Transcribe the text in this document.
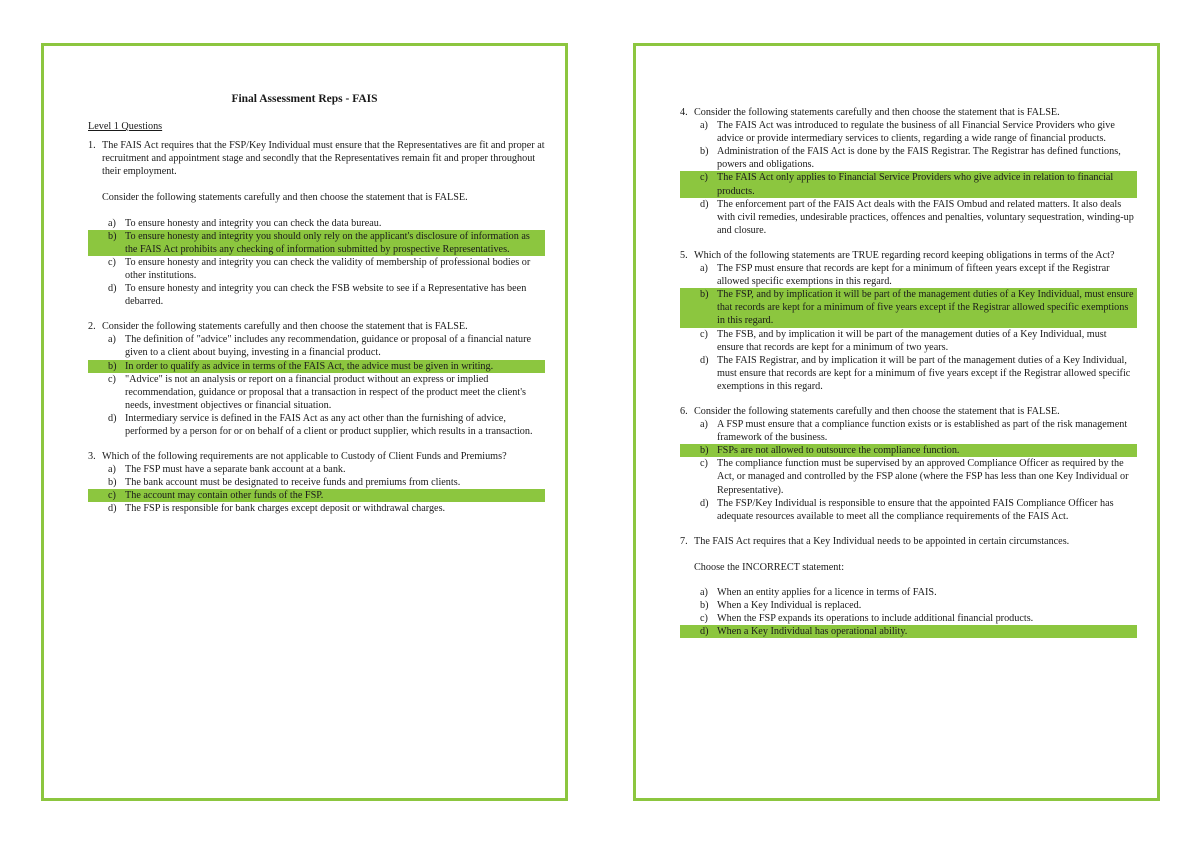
Final Assessment Reps - FAIS
Level 1 Questions
1. The FAIS Act requires that the FSP/Key Individual must ensure that the Representatives are fit and proper at recruitment and appointment stage and secondly that the Representatives remain fit and proper throughout their employment.
Consider the following statements carefully and then choose the statement that is FALSE.
a) To ensure honesty and integrity you can check the data bureau.
b) To ensure honesty and integrity you should only rely on the applicant's disclosure of information as the FAIS Act prohibits any checking of information submitted by prospective Representatives.
c) To ensure honesty and integrity you can check the validity of membership of professional bodies or other institutions.
d) To ensure honesty and integrity you can check the FSB website to see if a Representative has been debarred.
2. Consider the following statements carefully and then choose the statement that is FALSE.
a) The definition of "advice" includes any recommendation, guidance or proposal of a financial nature given to a client about buying, investing in a financial product.
b) In order to qualify as advice in terms of the FAIS Act, the advice must be given in writing.
c) "Advice" is not an analysis or report on a financial product without an express or implied recommendation, guidance or proposal that a transaction in respect of the product meet the client's needs, investment objectives or financial situation.
d) Intermediary service is defined in the FAIS Act as any act other than the furnishing of advice, performed by a person for or on behalf of a client or product supplier, which results in a transaction.
3. Which of the following requirements are not applicable to Custody of Client Funds and Premiums?
a) The FSP must have a separate bank account at a bank.
b) The bank account must be designated to receive funds and premiums from clients.
c) The account may contain other funds of the FSP.
d) The FSP is responsible for bank charges except deposit or withdrawal charges.
4. Consider the following statements carefully and then choose the statement that is FALSE.
a) The FAIS Act was introduced to regulate the business of all Financial Service Providers who give advice or provide intermediary services to clients, regarding a wide range of financial products.
b) Administration of the FAIS Act is done by the FAIS Registrar. The Registrar has defined functions, powers and obligations.
c) The FAIS Act only applies to Financial Service Providers who give advice in relation to financial products.
d) The enforcement part of the FAIS Act deals with the FAIS Ombud and related matters. It also deals with civil remedies, undesirable practices, offences and penalties, voluntary sequestration, winding-up and closure.
5. Which of the following statements are TRUE regarding record keeping obligations in terms of the Act?
a) The FSP must ensure that records are kept for a minimum of fifteen years except if the Registrar allowed specific exemptions in this regard.
b) The FSP, and by implication it will be part of the management duties of a Key Individual, must ensure that records are kept for a minimum of five years except if the Registrar allowed specific exemptions in this regard.
c) The FSB, and by implication it will be part of the management duties of a Key Individual, must ensure that records are kept for a minimum of two years.
d) The FAIS Registrar, and by implication it will be part of the management duties of a Key Individual, must ensure that records are kept for a minimum of five years except if the Registrar allowed specific exemptions in this regard.
6. Consider the following statements carefully and then choose the statement that is FALSE.
a) A FSP must ensure that a compliance function exists or is established as part of the risk management framework of the business.
b) FSPs are not allowed to outsource the compliance function.
c) The compliance function must be supervised by an approved Compliance Officer as required by the Act, or managed and controlled by the FSP alone (where the FSP has less than one Key Individual or Representative).
d) The FSP/Key Individual is responsible to ensure that the appointed FAIS Compliance Officer has adequate resources available to meet all the compliance requirements of the FAIS Act.
7. The FAIS Act requires that a Key Individual needs to be appointed in certain circumstances.
Choose the INCORRECT statement:
a) When an entity applies for a licence in terms of FAIS.
b) When a Key Individual is replaced.
c) When the FSP expands its operations to include additional financial products.
d) When a Key Individual has operational ability.
